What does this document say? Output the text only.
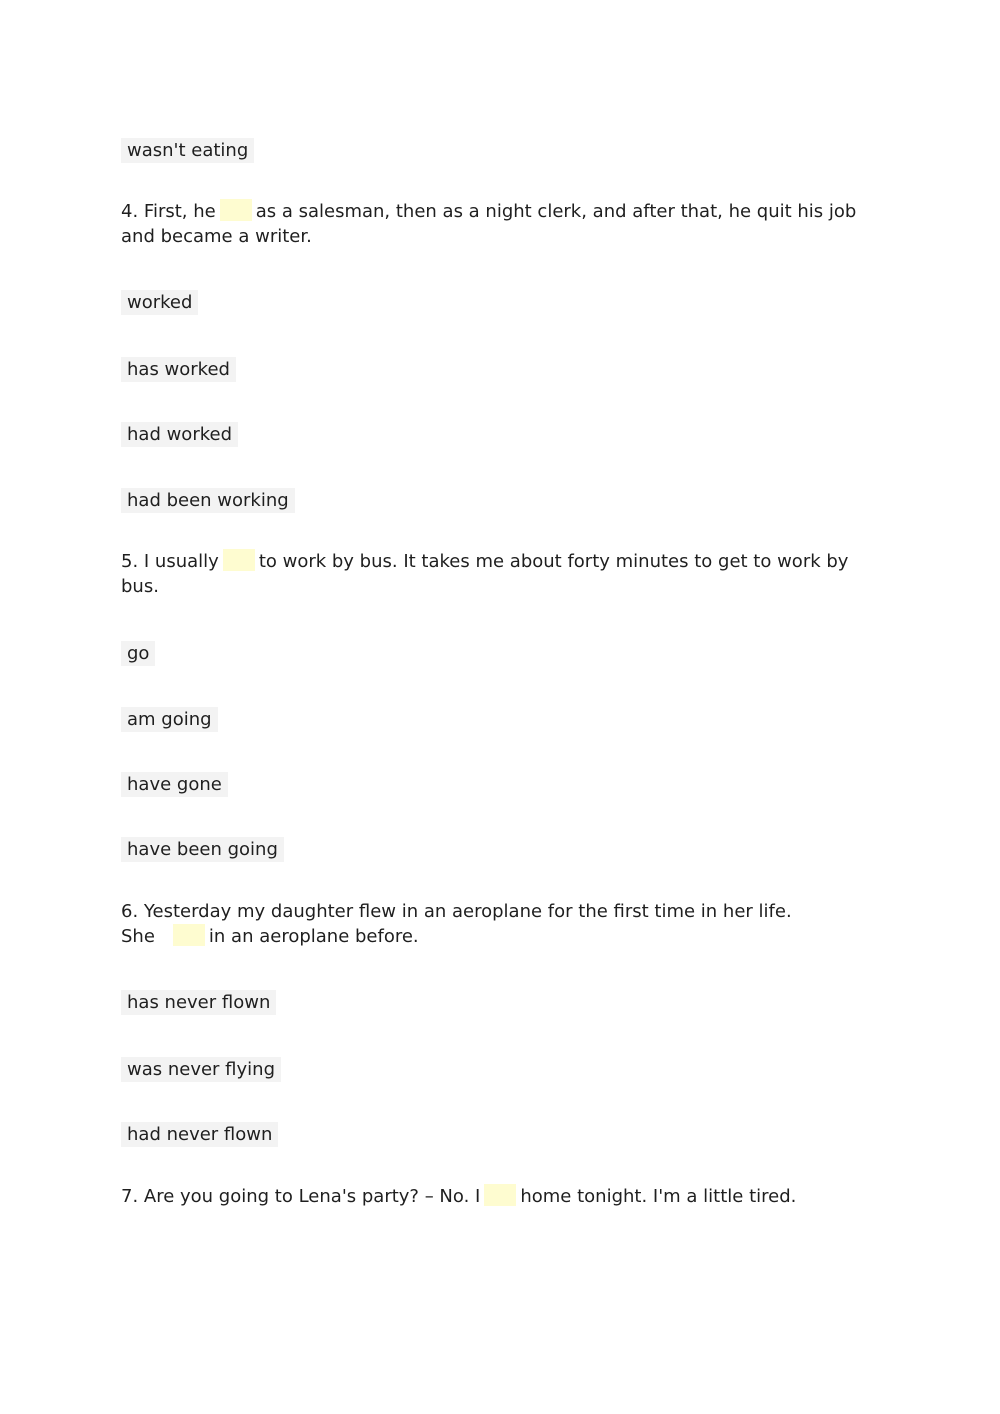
wasn't eating

4. First, he as a salesman, then as a night clerk, and after that, he quit his job and became a writer.

worked
has worked
had worked
had been working

5. I usually to work by bus. It takes me about forty minutes to get to work by bus.

go
am going
have gone
have been going

6. Yesterday my daughter flew in an aeroplane for the first time in her life.
She	in an aeroplane before.

has never flown
was never flying
had never flown

7. Are you going to Lena's party? – No. I home tonight. I'm a little tired.
